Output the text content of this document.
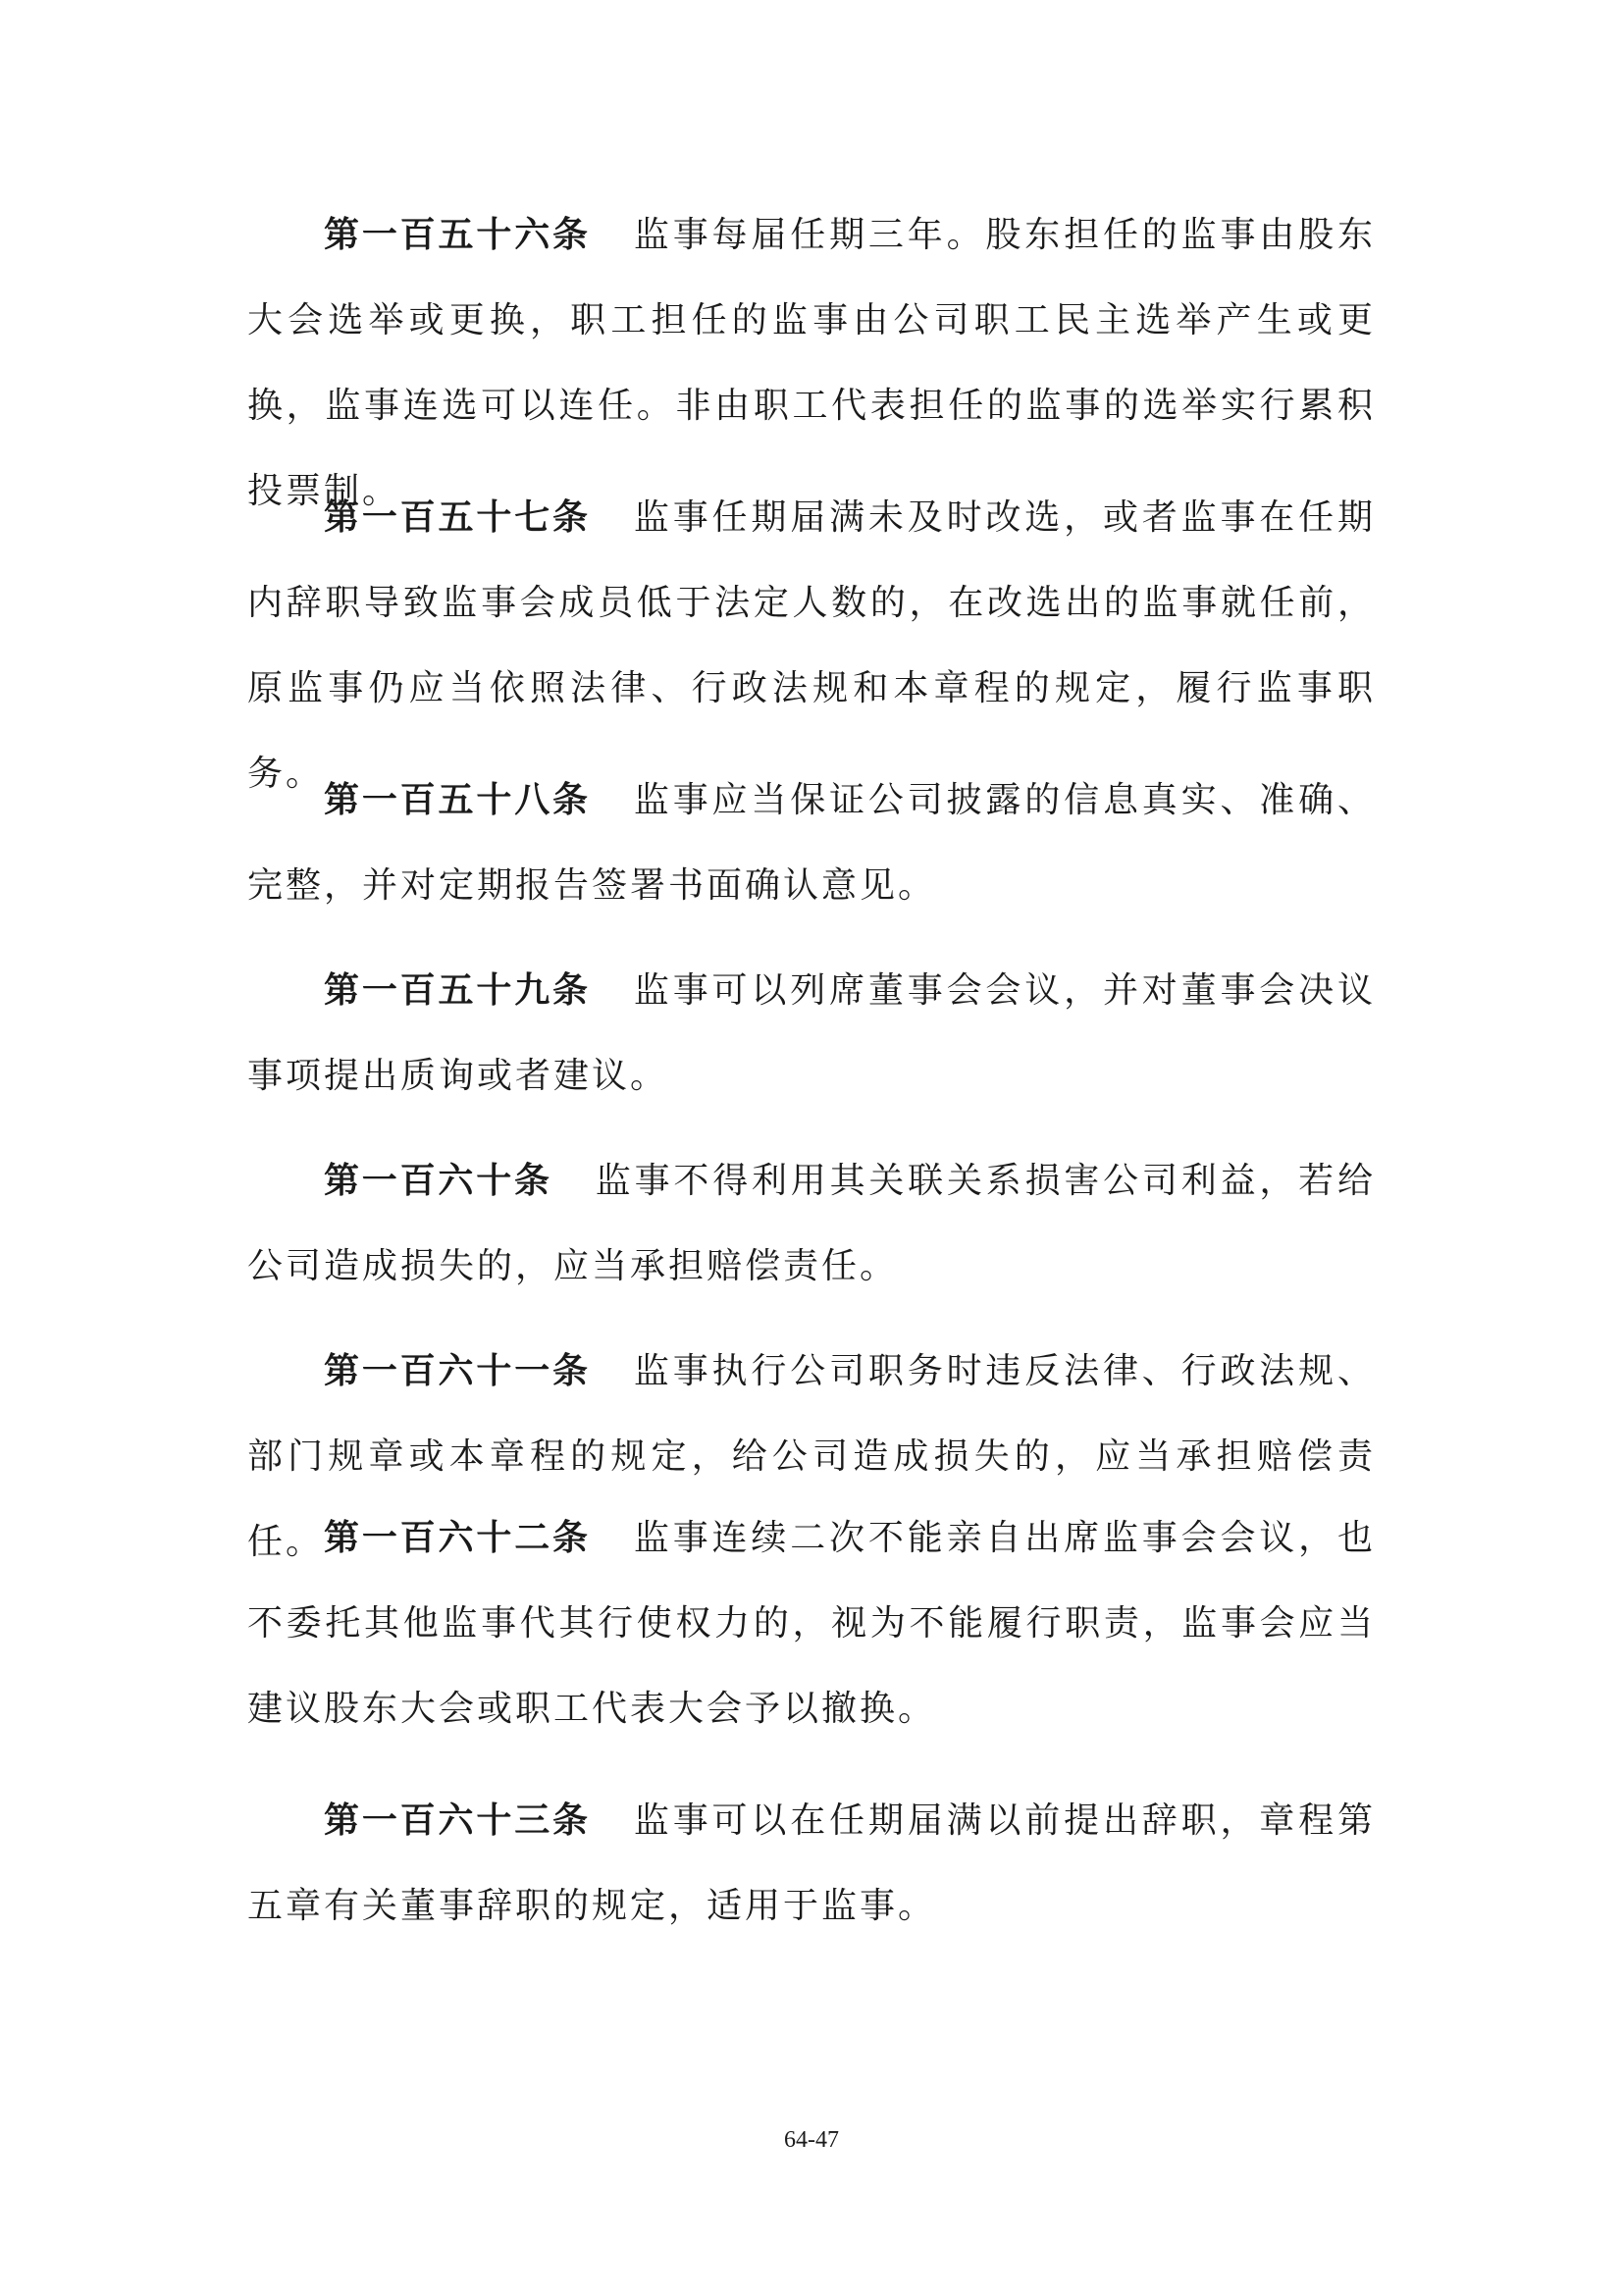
第一百五十六条 监事每届任期三年。股东担任的监事由股东大会选举或更换，职工担任的监事由公司职工民主选举产生或更换，监事连选可以连任。非由职工代表担任的监事的选举实行累积投票制。

第一百五十七条 监事任期届满未及时改选，或者监事在任期内辞职导致监事会成员低于法定人数的，在改选出的监事就任前，原监事仍应当依照法律、行政法规和本章程的规定，履行监事职务。

第一百五十八条 监事应当保证公司披露的信息真实、准确、完整，并对定期报告签署书面确认意见。

第一百五十九条 监事可以列席董事会会议，并对董事会决议事项提出质询或者建议。

第一百六十条 监事不得利用其关联关系损害公司利益，若给公司造成损失的，应当承担赔偿责任。

第一百六十一条 监事执行公司职务时违反法律、行政法规、部门规章或本章程的规定，给公司造成损失的，应当承担赔偿责任。 第一百六十二条 监事连续二次不能亲自出席监事会会议，也不委托其他监事代其行使权力的，视为不能履行职责，监事会应当建议股东大会或职工代表大会予以撤换。

第一百六十三条 监事可以在任期届满以前提出辞职，章程第五章有关董事辞职的规定，适用于监事。

64-47
